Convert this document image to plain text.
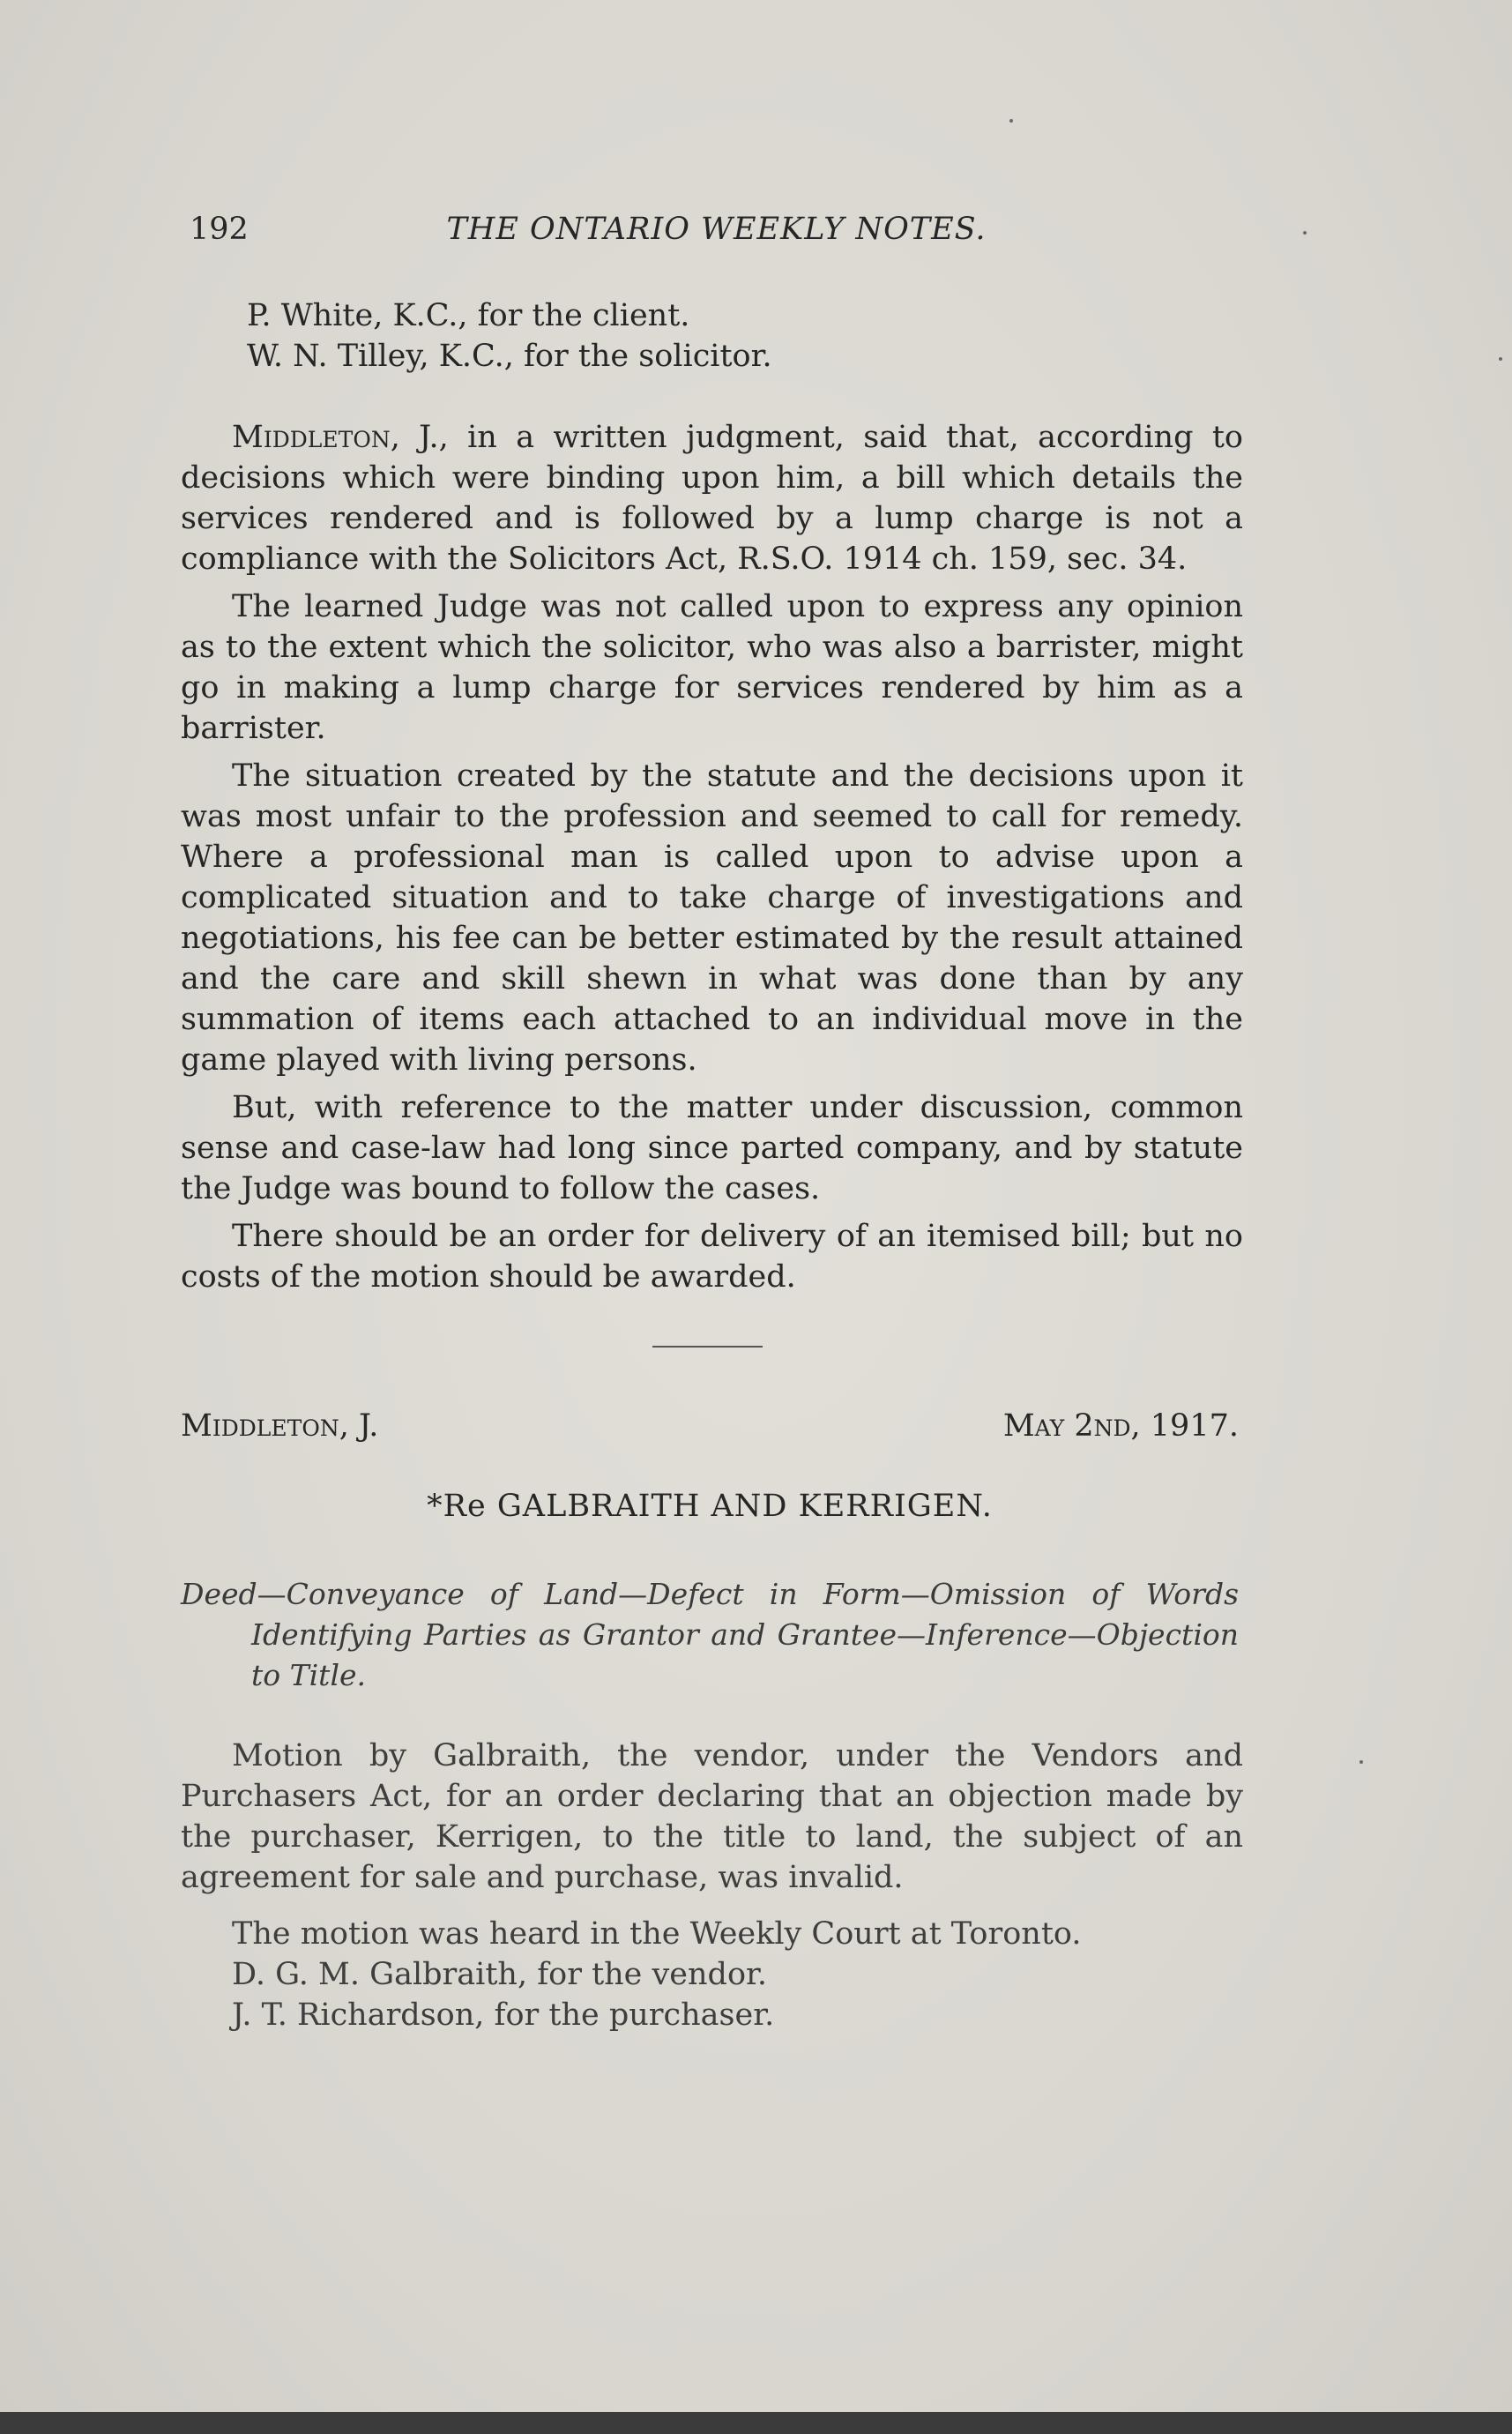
192	THE ONTARIO WEEKLY NOTES.

P. White, K.C., for the client.

W. N. Tilley, K.C., for the solicitor.

Middleton, J., in a written judgment, said that, according to decisions which were binding upon him, a bill which details the services rendered and is followed by a lump charge is not a compliance with the Solicitors Act, R.S.O. 1914 ch. 159, sec. 34.

The learned Judge was not called upon to express any opinion as to the extent which the solicitor, who was also a barrister, might go in making a lump charge for services rendered by him as a barrister.

The situation created by the statute and the decisions upon it was most unfair to the profession and seemed to call for remedy. Where a professional man is called upon to advise upon a complicated situation and to take charge of investigations and negotiations, his fee can be better estimated by the result attained and the care and skill shewn in what was done than by any summation of items each attached to an individual move in the game played with living persons.

But, with reference to the matter under discussion, common sense and case-law had long since parted company, and by statute the Judge was bound to follow the cases.

There should be an order for delivery of an itemised bill; but no costs of the motion should be awarded.

Middleton, J.	May 2nd, 1917.
*Re GALBRAITH AND KERRIGEN.
Deed—Conveyance of Land—Defect in Form—Omission of Words Identifying Parties as Grantor and Grantee—Inference—Objection to Title.

Motion by Galbraith, the vendor, under the Vendors and Purchasers Act, for an order declaring that an objection made by the purchaser, Kerrigen, to the title to land, the subject of an agreement for sale and purchase, was invalid.

The motion was heard in the Weekly Court at Toronto.

D. G. M. Galbraith, for the vendor.

J. T. Richardson, for the purchaser.
